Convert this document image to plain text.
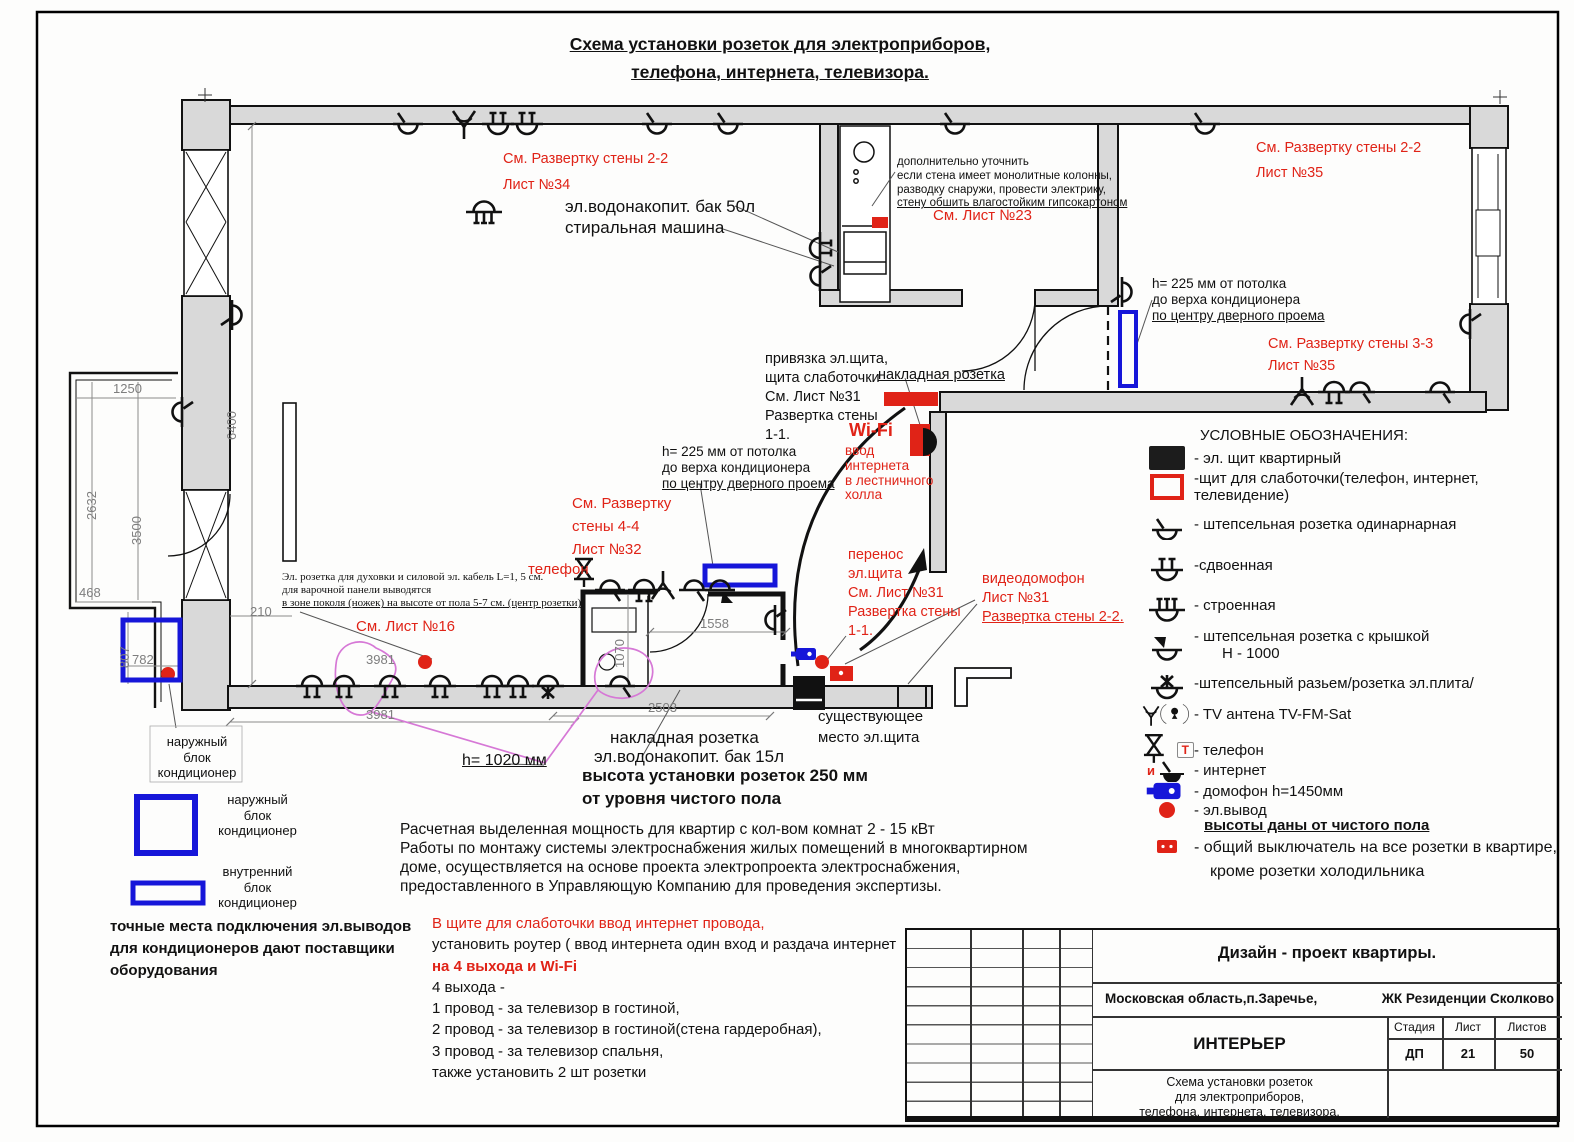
Схема установки розеток для электроприборов,
телефона, интернета, телевизора.
См. Развертку стены 2-2
Лист №34
эл.водонакопит. бак 50л
стиральная машина
дополнительно уточнить
если стена имеет монолитные колонны,
разводку снаружи, провести электрику,
стену обшить влагостойким гипсокартоном
См. Лист №23
См. Развертку стены 2-2
Лист №35
h= 225 мм от потолка
до верха кондиционера
по центру дверного проема
См. Развертку стены 3-3
Лист №35
привязка эл.щита,
щита слаботочки
См. Лист №31
Развертка стены
1-1.
накладная розетка
Wi-Fi
ввод
интернета
в лестничного
холла
перенос
эл.щита
См. Лист №31
Развертка стены
1-1.
видеодомофон
Лист №31
Развертка стены 2-2.
телефон
См. Развертку
стены 4-4
Лист №32
h= 225 мм от потолка
до верха кондиционера
по центру дверного проема
Эл. розетка для духовки и силовой эл. кабель L=1, 5 см.
для варочной панели выводятся
в зоне поколя (ножек) на высоте от пола 5-7 см. (центр розетки)
См. Лист №16
накладная розетка
эл.водонакопит. бак 15л
h= 1020 мм
высота установки розеток 250 мм
от уровня чистого пола
существующее
место эл.щита
наружный
блок
кондиционер
1250
2632
3500
6400
468
210
807 782	3981
3981	2503
1558
1070
УСЛОВНЫЕ ОБОЗНАЧЕНИЯ:
- эл. щит квартирный
-щит для слаботочки(телефон, интернет,
телевидение)
- штепсельная розетка одинарнарная
-сдвоенная
- строенная
- штепсельная розетка с крышкой
Н - 1000
-штепсельный разьем/розетка эл.плита/
- TV антена TV-FM-Sat
Т - телефон
и	- интернет
- домофон h=1450мм
- эл.вывод
высоты даны от чистого пола
- общий выключатель на все розетки в квартире,
кроме розетки холодильника
наружный
блок
кондиционер
внутренний
блок
кондиционер
точные места подключения эл.выводов
для кондиционеров дают поставщики
оборудования
Расчетная выделенная мощность для квартир с кол-вом комнат 2 - 15 кВт
Работы по монтажу системы электроснабжения жилых помещений в многоквартирном
доме, осуществляется на основе проекта электропроекта электроснабжения,
предоставленного в Управляющую Компанию для проведения экспертизы.
В щите для слаботочки ввод интернет провода,
установить роутер ( ввод интернета один вход и раздача интернет
на 4 выхода и Wi-Fi
4 выхода -
1 провод - за телевизор в гостиной,
2 провод - за телевизор в гостиной(стена гардеробная),
3 провод - за телевизор спальня,
также установить 2 шт розетки
Дизайн - проект квартиры.
Московская область,п.Заречье,	ЖК Резиденции Сколково
ИНТЕРЬЕР
Стадия	Лист	Листов
ДП	21	50
Схема установки розеток
для электроприборов,
телефона, интернета, телевизора.
